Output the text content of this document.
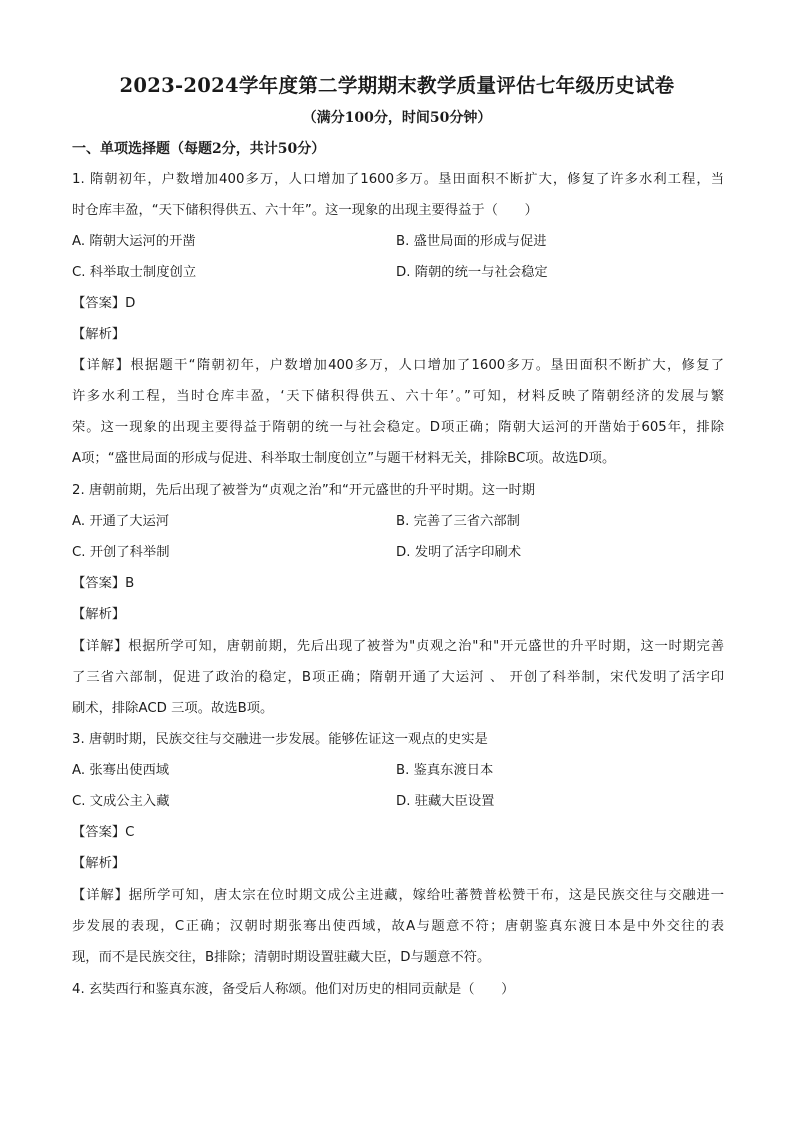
2023-2024学年度第二学期期末教学质量评估七年级历史试卷
（满分100分，时间50分钟）
一、单项选择题（每题2分，共计50分）
1. 隋朝初年，户数增加400多万，人口增加了1600多万。垦田面积不断扩大，修复了许多水利工程，当
时仓库丰盈，“天下储积得供五、六十年”。这一现象的出现主要得益于（　　）
A. 隋朝大运河的开凿	B. 盛世局面的形成与促进
C. 科举取士制度创立	D. 隋朝的统一与社会稳定
【答案】D
【解析】
【详解】根据题干“隋朝初年，户数增加400多万，人口增加了1600多万。垦田面积不断扩大，修复了
许多水利工程，当时仓库丰盈，‘天下储积得供五、六十年’。”可知，材料反映了隋朝经济的发展与繁
荣。这一现象的出现主要得益于隋朝的统一与社会稳定。D项正确；隋朝大运河的开凿始于605年，排除
A项；“盛世局面的形成与促进、科举取士制度创立”与题干材料无关，排除BC项。故选D项。
2. 唐朝前期，先后出现了被誉为“贞观之治”和“开元盛世的升平时期。这一时期
A. 开通了大运河	B. 完善了三省六部制
C. 开创了科举制	D. 发明了活字印刷术
【答案】B
【解析】
【详解】根据所学可知，唐朝前期，先后出现了被誉为"贞观之治"和"开元盛世的升平时期，这一时期完善
了三省六部制，促进了政治的稳定，B项正确；隋朝开通了大运河 、 开创了科举制，宋代发明了活字印
刷术，排除ACD 三项。故选B项。
3. 唐朝时期，民族交往与交融进一步发展。能够佐证这一观点的史实是
A. 张骞出使西域	B. 鉴真东渡日本
C. 文成公主入藏	D. 驻藏大臣设置
【答案】C
【解析】
【详解】据所学可知，唐太宗在位时期文成公主进藏，嫁给吐蕃赞普松赞干布，这是民族交往与交融进一
步发展的表现，C正确；汉朝时期张骞出使西域，故A与题意不符；唐朝鉴真东渡日本是中外交往的表
现，而不是民族交往，B排除；清朝时期设置驻藏大臣，D与题意不符。
4. 玄奘西行和鉴真东渡，备受后人称颂。他们对历史的相同贡献是（　　）
